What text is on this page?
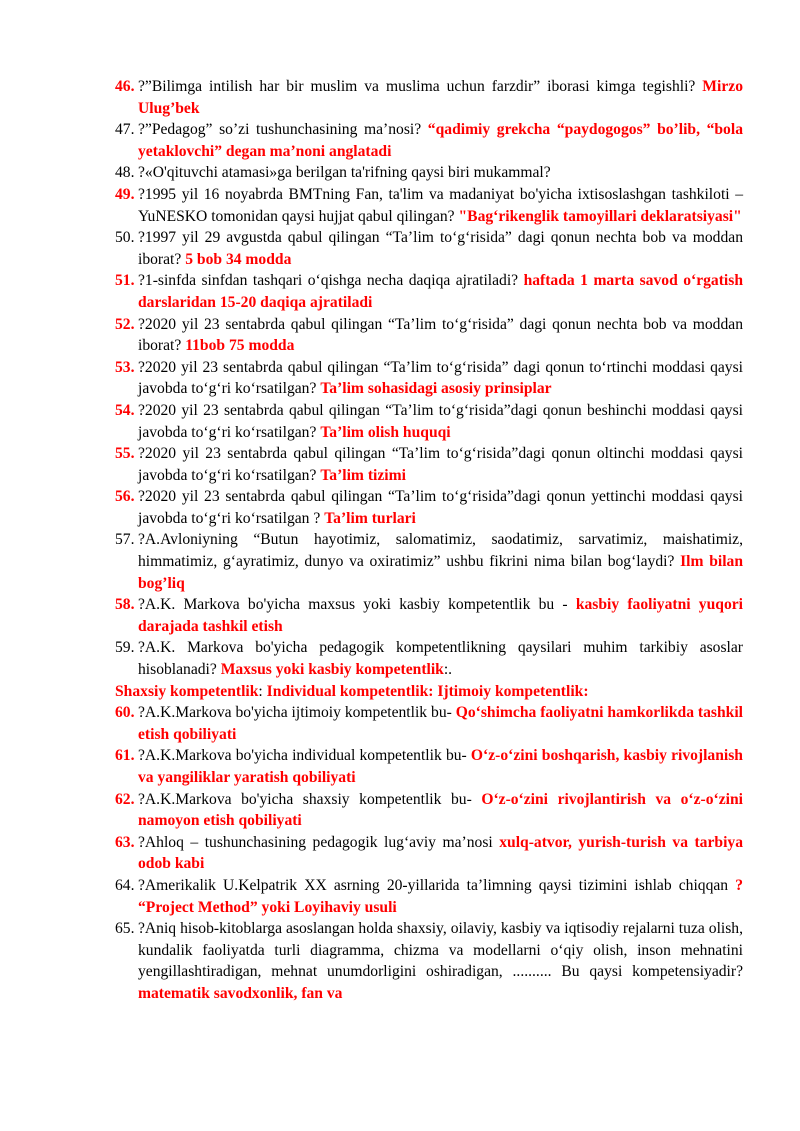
46. ?”Bilimga intilish har bir muslim va muslima uchun farzdir” iborasi kimga tegishli? Mirzo Ulug’bek
47. ?”Pedagog” so’zi tushunchasining ma’nosi? “qadimiy grekcha “paydogogos” bo’lib, “bola yetaklovchi” degan ma’noni anglatadi
48. ?«O'qituvchi atamasi»ga berilgan ta'rifning qaysi biri mukammal?
49. ?1995 yil 16 noyabrda BMTning Fan, ta'lim va madaniyat bo'yicha ixtisoslashgan tashkiloti – YuNESKO tomonidan qaysi hujjat qabul qilingan? "Bag‘rikenglik tamoyillari deklaratsiyasi"
50. ?1997 yil 29 avgustda qabul qilingan “Ta’lim to‘g‘risida” dagi qonun nechta bob va moddan iborat? 5 bob 34 modda
51. ?1-sinfda sinfdan tashqari o‘qishga necha daqiqa ajratiladi? haftada 1 marta savod o‘rgatish darslaridan 15-20 daqiqa ajratiladi
52. ?2020 yil 23 sentabrda qabul qilingan “Ta’lim to‘g‘risida” dagi qonun nechta bob va moddan iborat? 11bob 75 modda
53. ?2020 yil 23 sentabrda qabul qilingan “Ta’lim to‘g‘risida” dagi qonun to‘rtinchi moddasi qaysi javobda to‘g‘ri ko‘rsatilgan? Ta’lim sohasidagi asosiy prinsiplar
54. ?2020 yil 23 sentabrda qabul qilingan “Ta’lim to‘g‘risida”dagi qonun beshinchi moddasi qaysi javobda to‘g‘ri ko‘rsatilgan? Ta’lim olish huquqi
55. ?2020 yil 23 sentabrda qabul qilingan “Ta’lim to‘g‘risida”dagi qonun oltinchi moddasi qaysi javobda to‘g‘ri ko‘rsatilgan? Ta’lim tizimi
56. ?2020 yil 23 sentabrda qabul qilingan “Ta’lim to‘g‘risida”dagi qonun yettinchi moddasi qaysi javobda to‘g‘ri ko‘rsatilgan ? Ta’lim turlari
57. ?A.Avloniyning “Butun hayotimiz, salomatimiz, saodatimiz, sarvatimiz, maishatimiz, himmatimiz, g‘ayratimiz, dunyo va oxiratimiz” ushbu fikrini nima bilan bog‘laydi? Ilm bilan bog’liq
58. ?A.K. Markova bo'yicha maxsus yoki kasbiy kompetentlik bu - kasbiy faoliyatni yuqori darajada tashkil etish
59. ?A.K. Markova bo'yicha pedagogik kompetentlikning qaysilari muhim tarkibiy asoslar hisoblanadi? Maxsus yoki kasbiy kompetentlik:.
Shaxsiy kompetentlik: Individual kompetentlik: Ijtimoiy kompetentlik:
60. ?A.K.Markova bo'yicha ijtimoiy kompetentlik bu- Qo‘shimcha faoliyatni hamkorlikda tashkil etish qobiliyati
61. ?A.K.Markova bo'yicha individual kompetentlik bu- O‘z-o‘zini boshqarish, kasbiy rivojlanish va yangiliklar yaratish qobiliyati
62. ?A.K.Markova bo'yicha shaxsiy kompetentlik bu- O‘z-o‘zini rivojlantirish va o‘z-o‘zini namoyon etish qobiliyati
63. ?Ahloq – tushunchasining pedagogik lug‘aviy ma’nosi xulq-atvor, yurish-turish va tarbiya odob kabi
64. ?Amerikalik U.Kelpatrik XX asrning 20-yillarida ta’limning qaysi tizimini ishlab chiqqan ? “Project Method” yoki Loyihaviy usuli
65. ?Aniq hisob-kitoblarga asoslangan holda shaxsiy, oilaviy, kasbiy va iqtisodiy rejalarni tuza olish, kundalik faoliyatda turli diagramma, chizma va modellarni o‘qiy olish, inson mehnatini yengillashtiradigan, mehnat unumdorligini oshiradigan, .......... Bu qaysi kompetensiyadir? matematik savodxonlik, fan va
